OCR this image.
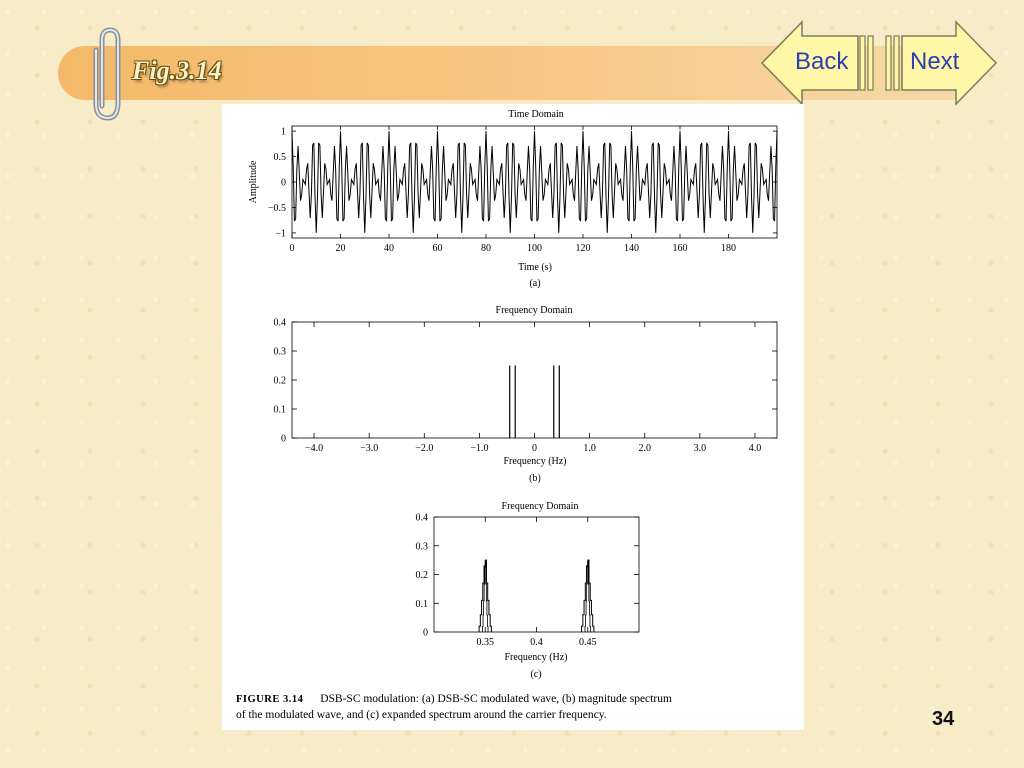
Fig.3.14	Back	Next
Time Domain
0	20	40	60	80	100	120	140	160	180
−1
−0.5
0
0.5
1
Amplitude
Time (s)
(a)
Frequency Domain
−4.0	−3.0	−2.0	−1.0	0	1.0	2.0	3.0	4.0
0
0.1
0.2
0.3
0.4
Frequency (Hz)
(b)
Frequency Domain
0.35	0.4	0.45
0
0.1
0.2
0.3
0.4
Frequency (Hz)
(c)
FIGURE 3.14 DSB-SC modulation: (a) DSB-SC modulated wave, (b) magnitude spectrum
of the modulated wave, and (c) expanded spectrum around the carrier frequency.	34
